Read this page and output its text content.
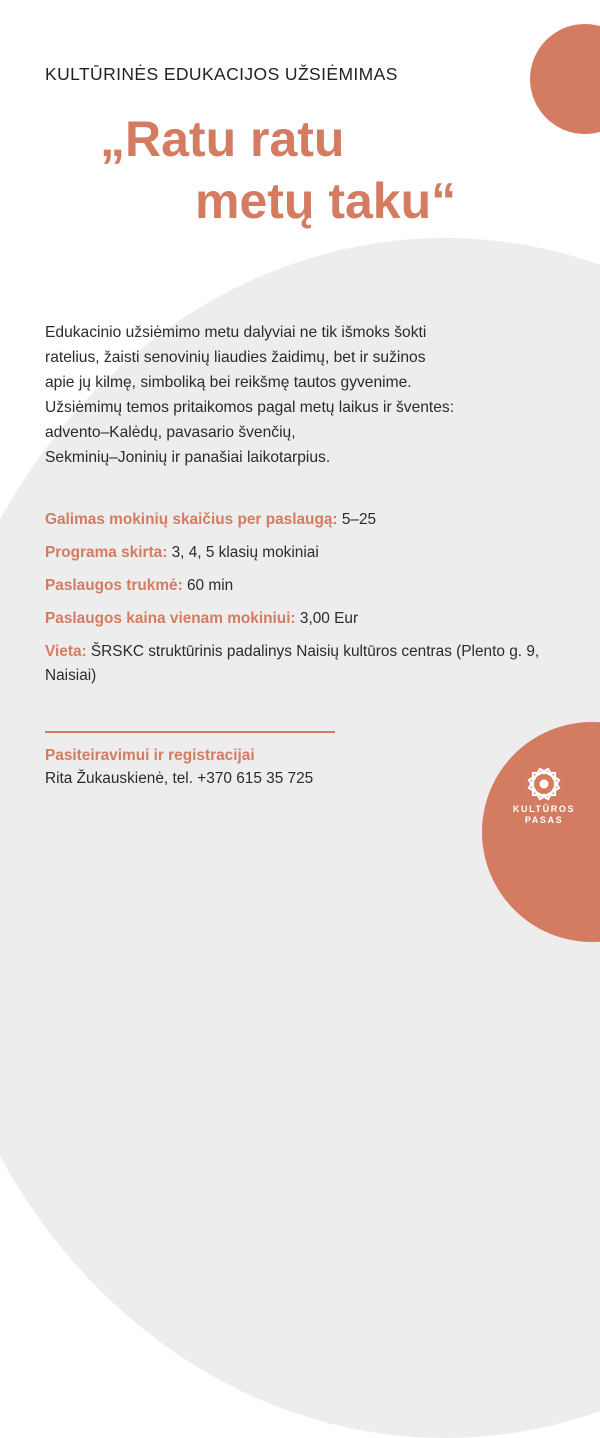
KULTŪRINĖS EDUKACIJOS UŽSIĖMIMAS
„Ratu ratu
metų taku“

Edukacinio užsiėmimo metu dalyviai ne tik išmoks šokti
ratelius, žaisti senovinių liaudies žaidimų, bet ir sužinos
apie jų kilmę, simboliką bei reikšmę tautos gyvenime.
Užsiėmimų temos pritaikomos pagal metų laikus ir šventes:
advento–Kalėdų, pavasario švenčių,
Sekminių–Joninių ir panašiai laikotarpius.

Galimas mokinių skaičius per paslaugą: 5–25
Programa skirta: 3, 4, 5 klasių mokiniai
Paslaugos trukmė: 60 min
Paslaugos kaina vienam mokiniui: 3,00 Eur
Vieta: ŠRSKC struktūrinis padalinys Naisių kultūros centras (Plento g. 9, Naisiai)
Pasiteiravimui ir registracijai
Rita Žukauskienė, tel. +370 615 35 725
KULTŪROS
PASAS
